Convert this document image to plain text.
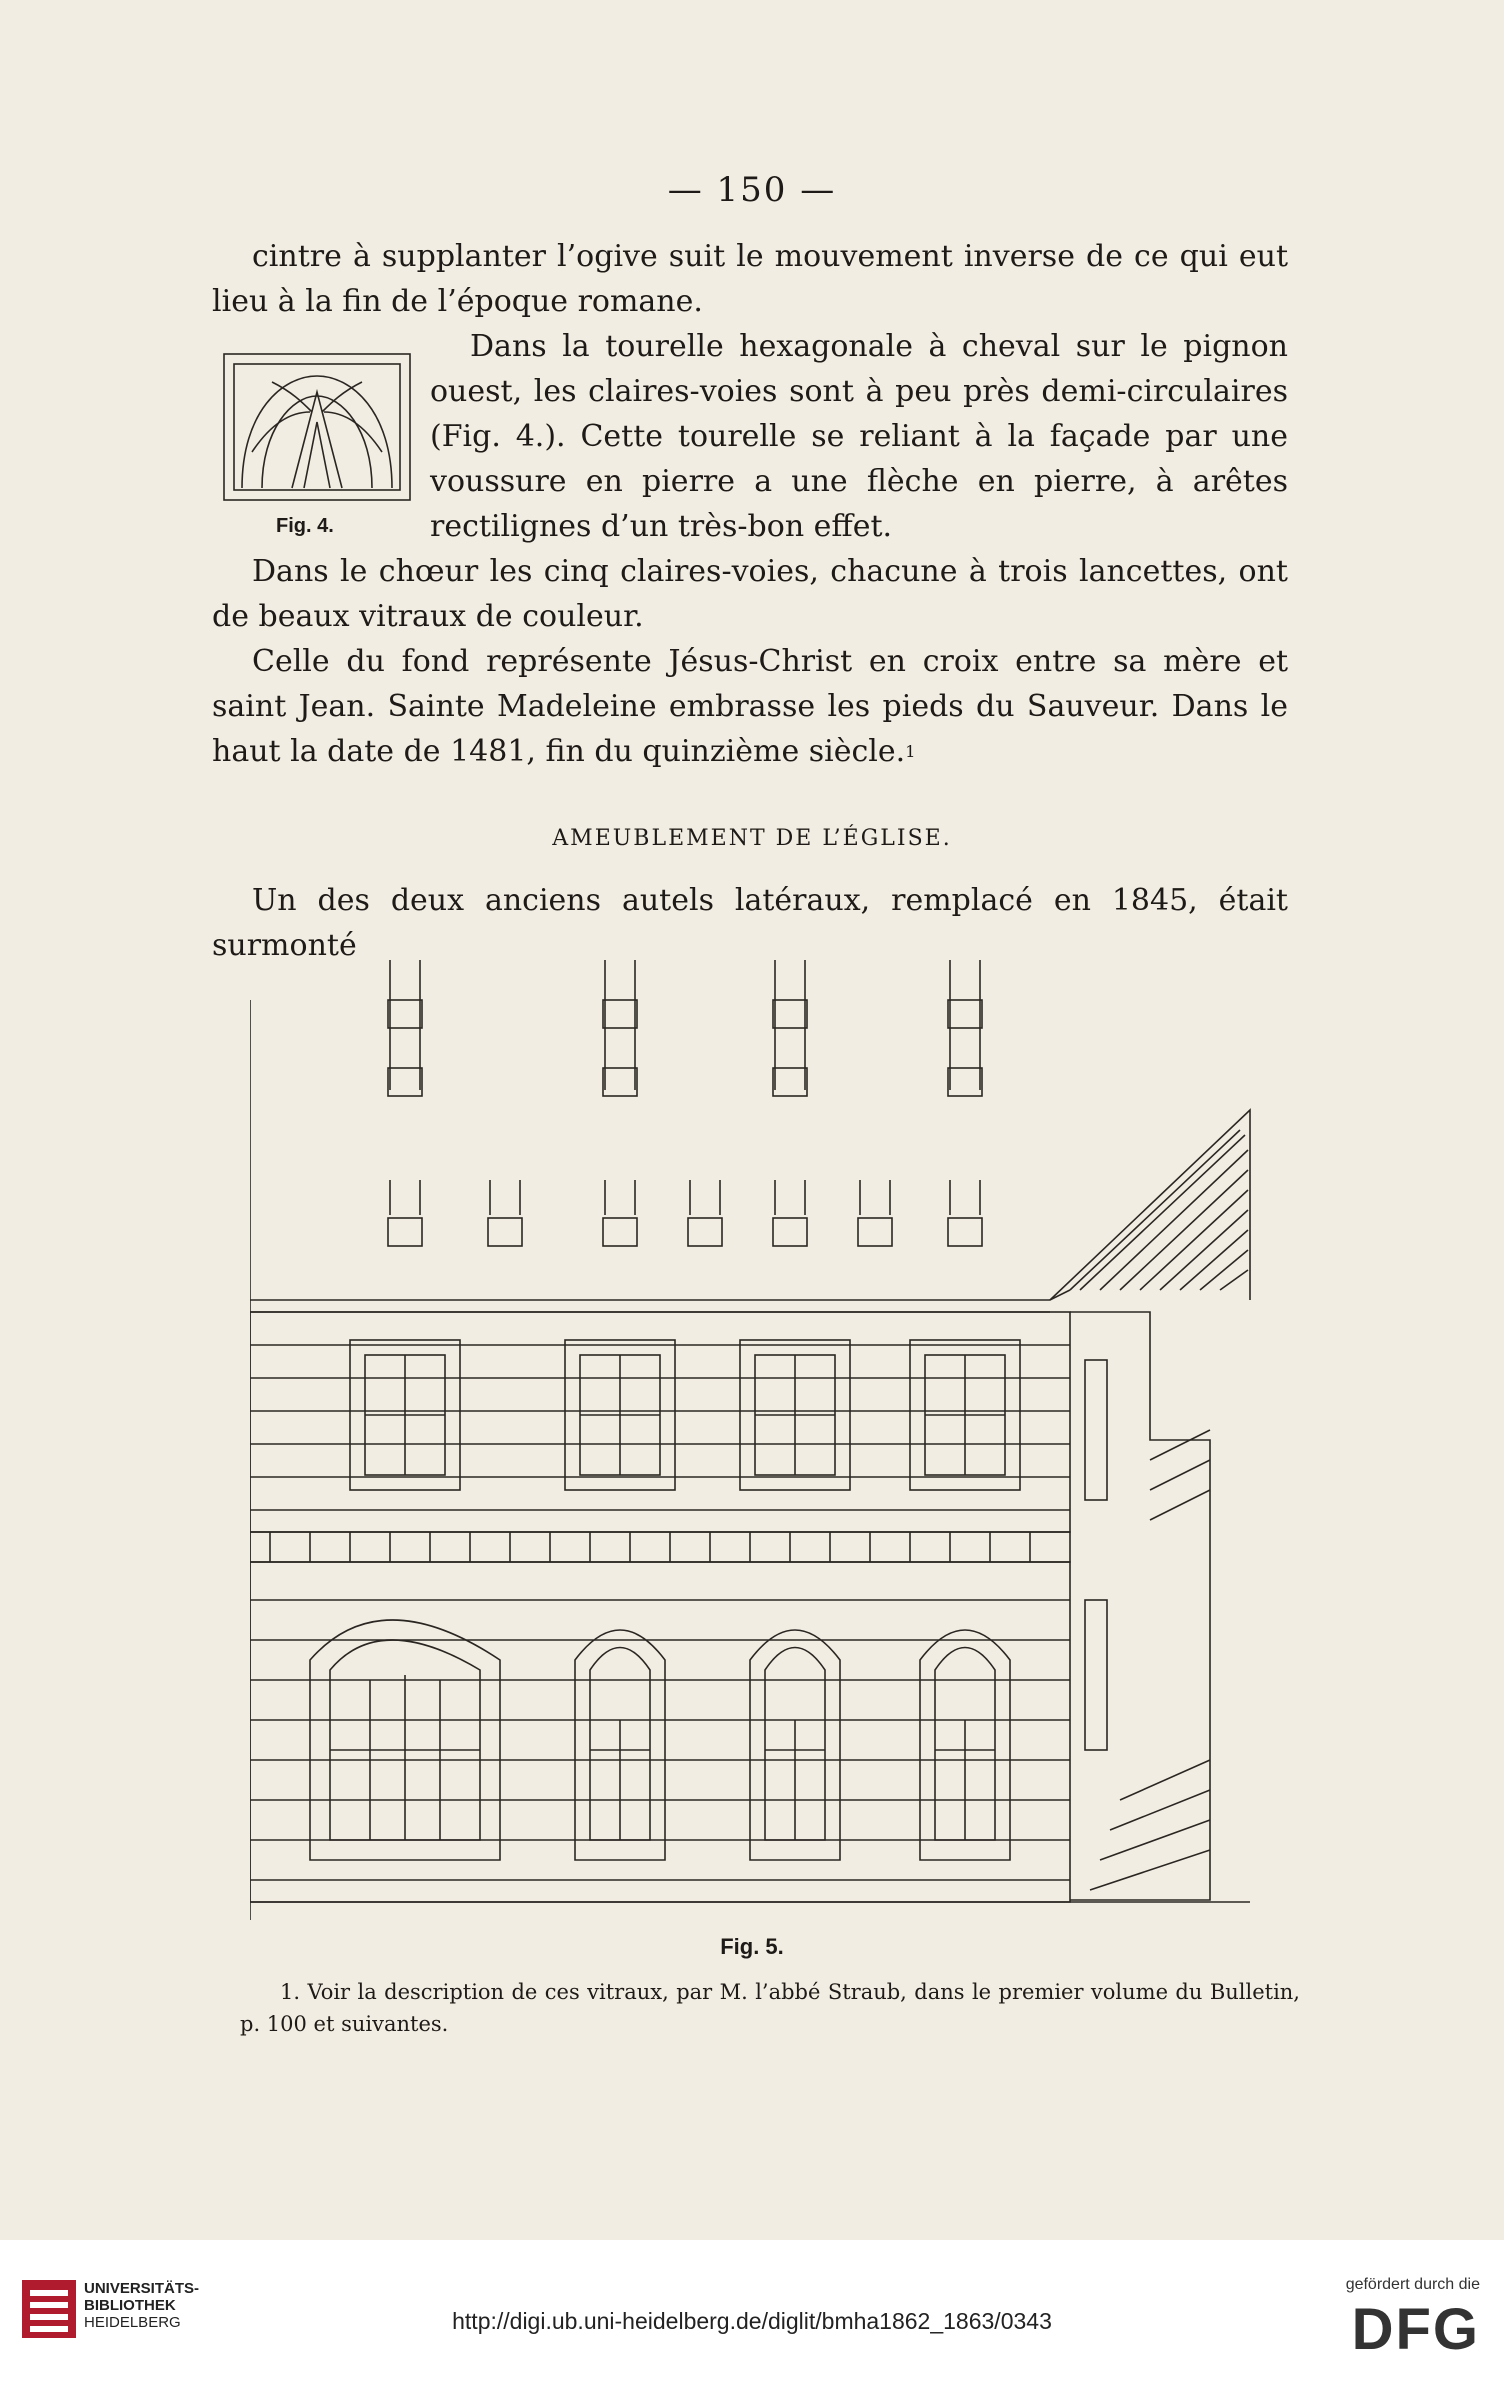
— 150 —

cintre à supplanter l’ogive suit le mouvement inverse de ce qui eut lieu à la fin de l’époque romane.

Dans la tourelle hexagonale à cheval sur le pignon ouest, les claires-voies sont à peu près demi-circulaires (Fig. 4.). Cette tourelle se reliant à la façade par une voussure en pierre a une flèche en pierre, à arêtes rectilignes d’un très-bon effet.

Dans le chœur les cinq claires-voies, chacune à trois lancettes, ont de beaux vitraux de couleur.

Celle du fond représente Jésus-Christ en croix entre sa mère et saint Jean. Sainte Madeleine embrasse les pieds du Sauveur. Dans le haut la date de 1481, fin du quinzième siècle.$^1$

Fig. 4.
AMEUBLEMENT DE L’ÉGLISE.

Un des deux anciens autels latéraux, remplacé en 1845, était surmonté

Fig. 5.

1. Voir la description de ces vitraux, par M. l’abbé Straub, dans le premier volume du Bulletin, p. 100 et suivantes.

UNIVERSITÄTS-
BIBLIOTHEK
HEIDELBERG	http://digi.ub.uni-heidelberg.de/diglit/bmha1862_1863/0343
gefördert durch die
DFG
